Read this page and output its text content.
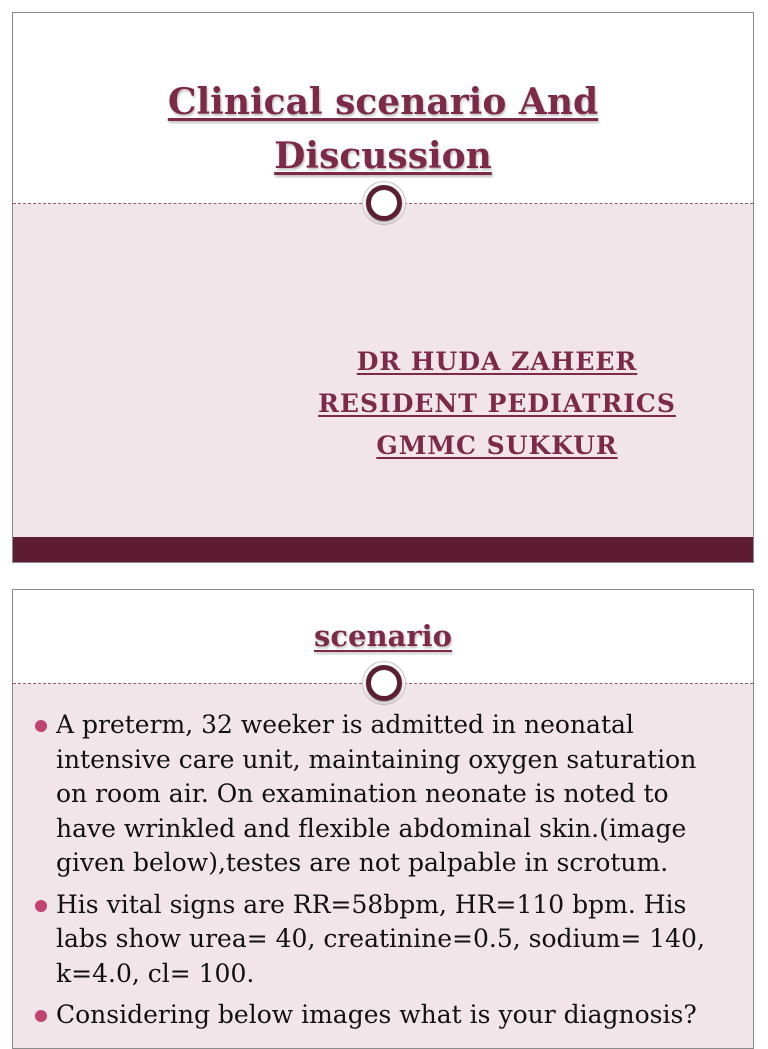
Clinical scenario And
Discussion
DR HUDA ZAHEER
RESIDENT PEDIATRICS
GMMC SUKKUR
scenario
A preterm, 32 weeker is admitted in neonatal intensive care unit, maintaining oxygen saturation on room air. On examination neonate is noted to have wrinkled and flexible abdominal skin.(image given below),testes are not palpable in scrotum.
His vital signs are RR=58bpm, HR=110 bpm. His labs show urea= 40, creatinine=0.5, sodium= 140, k=4.0, cl= 100.
Considering below images what is your diagnosis?
